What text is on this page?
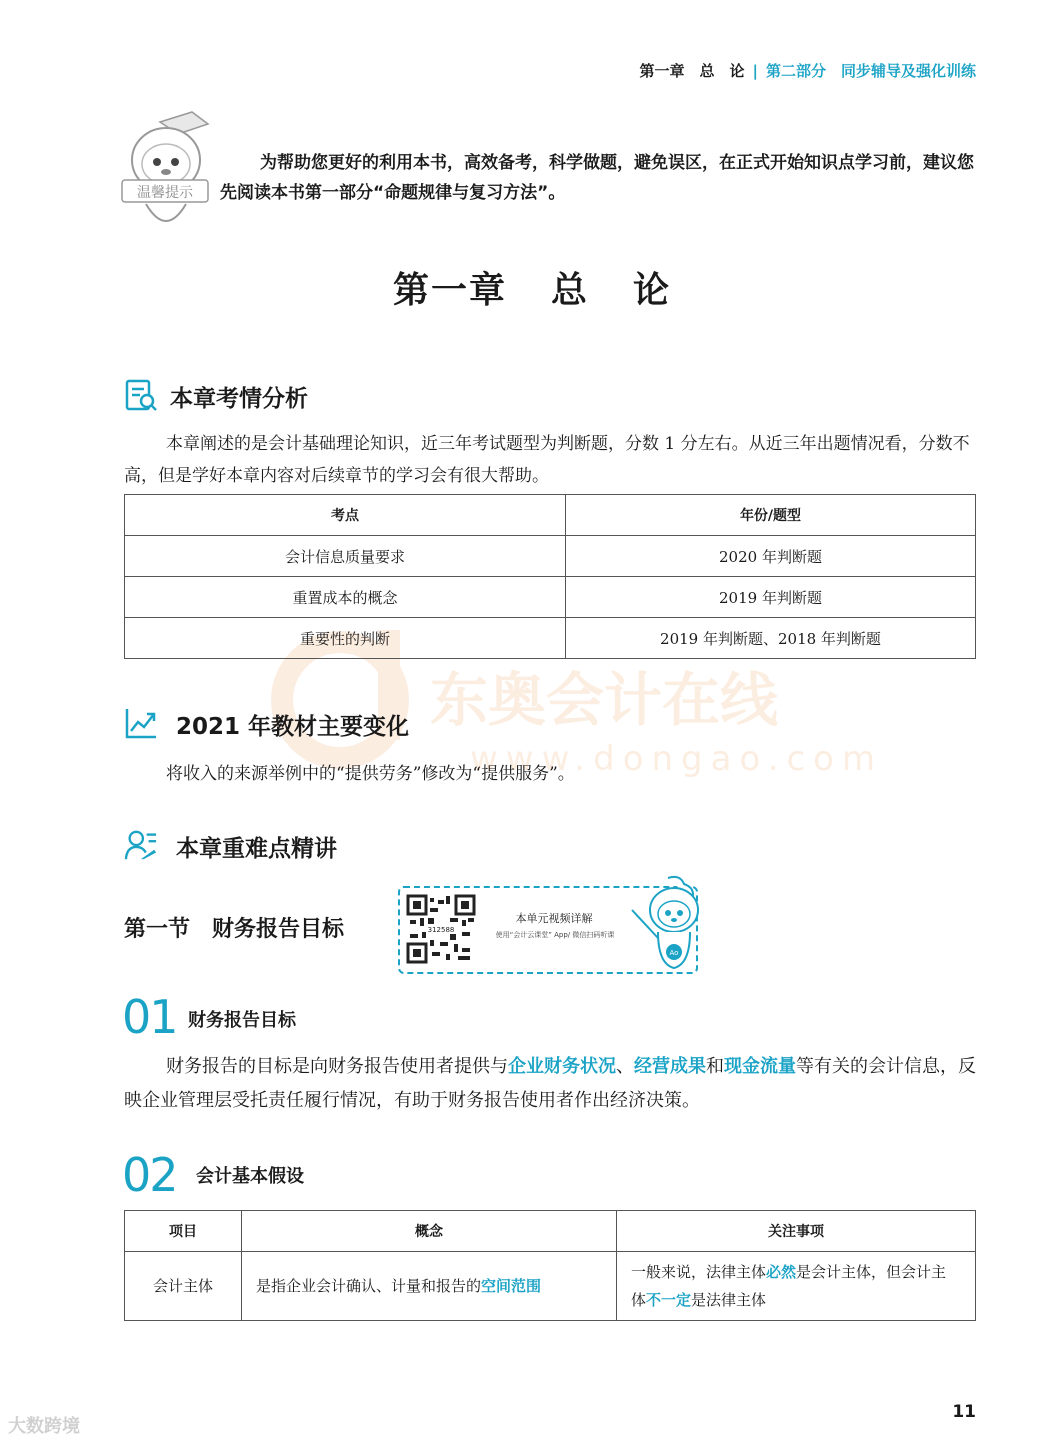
第一章　总　论 | 第二部分　同步辅导及强化训练
东奥会计在线
www.dongao.com
温馨提示
为帮助您更好的利用本书，高效备考，科学做题，避免误区，在正式开始知识点学习前，建议您先阅读本书第一部分“命题规律与复习方法”。
第一章 总 论
本章考情分析
本章阐述的是会计基础理论知识，近三年考试题型为判断题，分数 1 分左右。从近三年出题情况看，分数不高，但是学好本章内容对后续章节的学习会有很大帮助。
考点	年份/题型
会计信息质量要求	2020 年判断题
重置成本的概念	2019 年判断题
重要性的判断	2019 年判断题、2018 年判断题
2021 年教材主要变化
将收入的来源举例中的“提供劳务”修改为“提供服务”。
本章重难点精讲
第一节　财务报告目标	312588
本单元视频详解
使用“会计云课堂” App/ 微信扫码听课
Ao
01 财务报告目标
财务报告的目标是向财务报告使用者提供与企业财务状况、经营成果和现金流量等有关的会计信息，反映企业管理层受托责任履行情况，有助于财务报告使用者作出经济决策。
02 会计基本假设
项目	概念	关注事项
会计主体	是指企业会计确认、计量和报告的空间范围	一般来说，法律主体必然是会计主体，但会计主体不一定是法律主体
11
大数跨境
